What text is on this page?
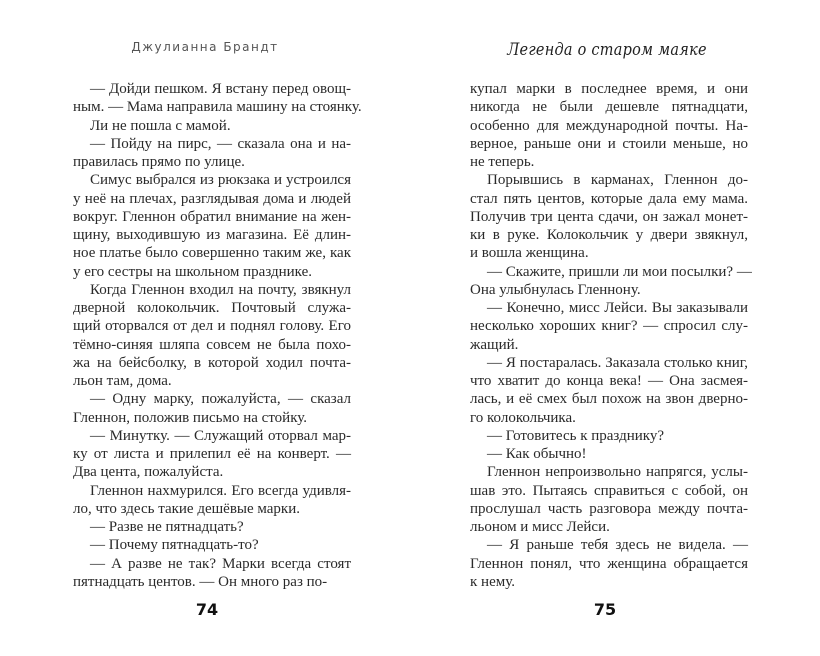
Джулианна Брандт
— Дойди пешком. Я встану перед овощ-
ным. — Мама направила машину на стоянку.
Ли не пошла с мамой.
— Пойду на пирс, — сказала она и на-
правилась прямо по улице.
Симус выбрался из рюкзака и устроился
у неё на плечах, разглядывая дома и людей
вокруг. Гленнон обратил внимание на жен-
щину, выходившую из магазина. Её длин-
ное платье было совершенно таким же, как
у его сестры на школьном празднике.
Когда Гленнон входил на почту, звякнул
дверной колокольчик. Почтовый служа-
щий оторвался от дел и поднял голову. Его
тёмно-синяя шляпа совсем не была похо-
жа на бейсболку, в которой ходил почта-
льон там, дома.
— Одну марку, пожалуйста, — сказал
Гленнон, положив письмо на стойку.
— Минутку. — Служащий оторвал мар-
ку от листа и прилепил её на конверт. —
Два цента, пожалуйста.
Гленнон нахмурился. Его всегда удивля-
ло, что здесь такие дешёвые марки.
— Разве не пятнадцать?
— Почему пятнадцать-то?
— А разве не так? Марки всегда стоят
пятнадцать центов. — Он много раз по-
74
Легенда о старом маяке
купал марки в последнее время, и они
никогда не были дешевле пятнадцати,
особенно для международной почты. На-
верное, раньше они и стоили меньше, но
не теперь.
Порывшись в карманах, Гленнон до-
стал пять центов, которые дала ему мама.
Получив три цента сдачи, он зажал монет-
ки в руке. Колокольчик у двери звякнул,
и вошла женщина.
— Скажите, пришли ли мои посылки? —
Она улыбнулась Гленнону.
— Конечно, мисс Лейси. Вы заказывали
несколько хороших книг? — спросил слу-
жащий.
— Я постаралась. Заказала столько книг,
что хватит до конца века! — Она засмея-
лась, и её смех был похож на звон дверно-
го колокольчика.
— Готовитесь к празднику?
— Как обычно!
Гленнон непроизвольно напрягся, услы-
шав это. Пытаясь справиться с собой, он
прослушал часть разговора между почта-
льоном и мисс Лейси.
— Я раньше тебя здесь не видела. —
Гленнон понял, что женщина обращается
к нему.
75
